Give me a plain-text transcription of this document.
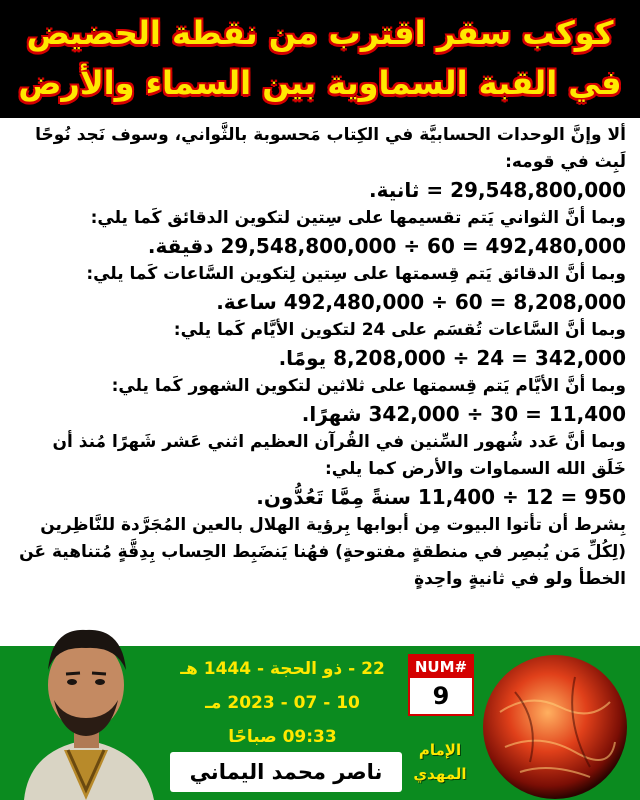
كوكب سقر اقترب من نقطة الحضيض
في القبة السماوية بين السماء والأرض

ألا وإنَّ الوحدات الحسابيَّة في الكِتاب مَحسوبة بالثَّواني، وسوف نَجد نُوحًا لَبِث في قومه:

29,548,800,000 = ثانية.

وبما أنَّ الثواني يَتم تقسيمها على سِتين لتكوين الدقائق كَما يلي:

29,548,800,000 ÷ 60 = 492,480,000 دقيقة.

وبما أنَّ الدقائق يَتم قِسمتها على سِتين لِتكوين السَّاعات كَما يلي:

492,480,000 ÷ 60 = 8,208,000 ساعة.

وبما أنَّ السَّاعات تُقسَم على 24 لتكوين الأيَّام كَما يلي:

8,208,000 ÷ 24 = 342,000 يومًا.

وبما أنَّ الأيَّام يَتم قِسمتها على ثلاثين لتكوين الشهور كَما يلي:

342,000 ÷ 30 = 11,400 شهرًا.

وبما أنَّ عَدد شُهور السِّنين في القُرآن العظيم اثني عَشر شَهرًا مُنذ أن خَلَق الله السماوات والأرض كما يلي:

11,400 ÷ 12 = 950 سنةً مِمَّا تَعُدُّون.

بِشرط أن تأتوا البيوت مِن أبوابها بِرؤية الهلال بالعين المُجَرَّدة للنَّاظِرين (لِكُلِّ مَن يُبصِر في منطقةٍ مفتوحةٍ) فهُنا يَنضَبِط الحِساب بِدِقَّةٍ مُتناهية عَن الخطأ ولو في ثانيةٍ واحِدةٍ

22 - ذو الحجة - 1444 هـ
10 - 07 - 2023 مـ
09:33 صباحًا
ناصر محمد اليماني
الإمام
المهدي
NUM#
9
